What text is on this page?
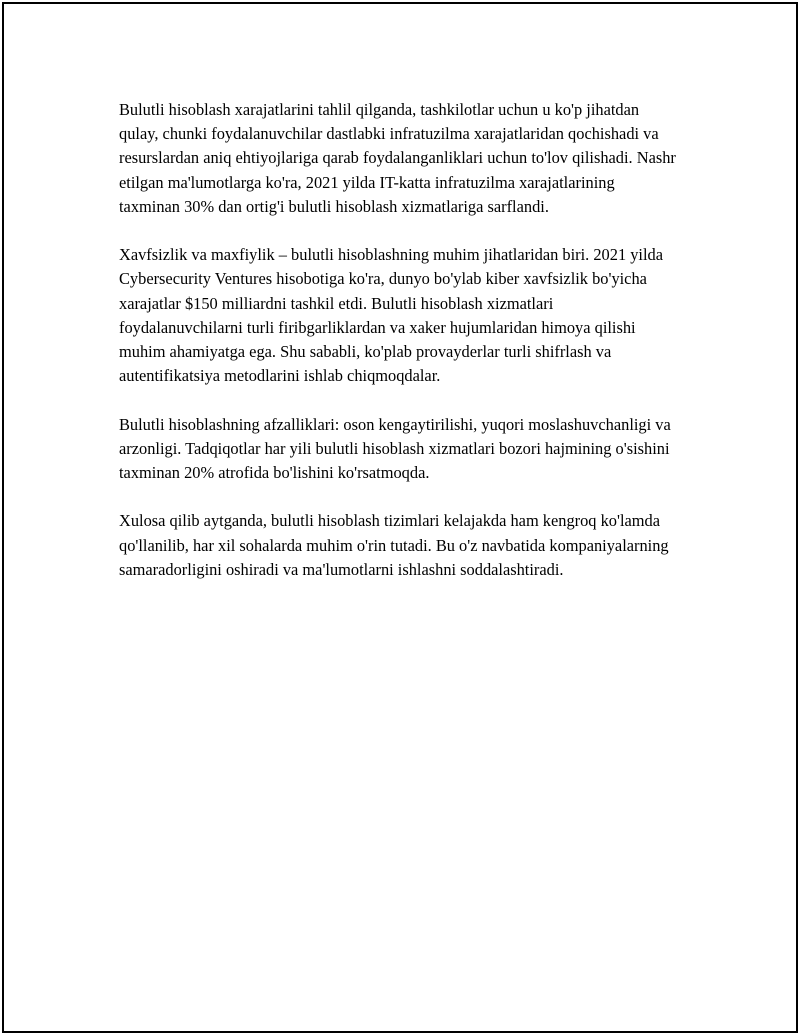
Bulutli hisoblash xarajatlarini tahlil qilganda, tashkilotlar uchun u ko'p jihatdan qulay, chunki foydalanuvchilar dastlabki infratuzilma xarajatlaridan qochishadi va resurslardan aniq ehtiyojlariga qarab foydalanganliklari uchun to'lov qilishadi. Nashr etilgan ma'lumotlarga ko'ra, 2021 yilda IT-katta infratuzilma xarajatlarining taxminan 30% dan ortig'i bulutli hisoblash xizmatlariga sarflandi.

Xavfsizlik va maxfiylik – bulutli hisoblashning muhim jihatlaridan biri. 2021 yilda Cybersecurity Ventures hisobotiga ko'ra, dunyo bo'ylab kiber xavfsizlik bo'yicha xarajatlar $150 milliardni tashkil etdi. Bulutli hisoblash xizmatlari foydalanuvchilarni turli firibgarliklardan va xaker hujumlaridan himoya qilishi muhim ahamiyatga ega. Shu sababli, ko'plab provayderlar turli shifrlash va autentifikatsiya metodlarini ishlab chiqmoqdalar.

Bulutli hisoblashning afzalliklari: oson kengaytirilishi, yuqori moslashuvchanligi va arzonligi. Tadqiqotlar har yili bulutli hisoblash xizmatlari bozori hajmining o'sishini taxminan 20% atrofida bo'lishini ko'rsatmoqda.

Xulosa qilib aytganda, bulutli hisoblash tizimlari kelajakda ham kengroq ko'lamda qo'llanilib, har xil sohalarda muhim o'rin tutadi. Bu o'z navbatida kompaniyalarning samaradorligini oshiradi va ma'lumotlarni ishlashni soddalashtiradi.
